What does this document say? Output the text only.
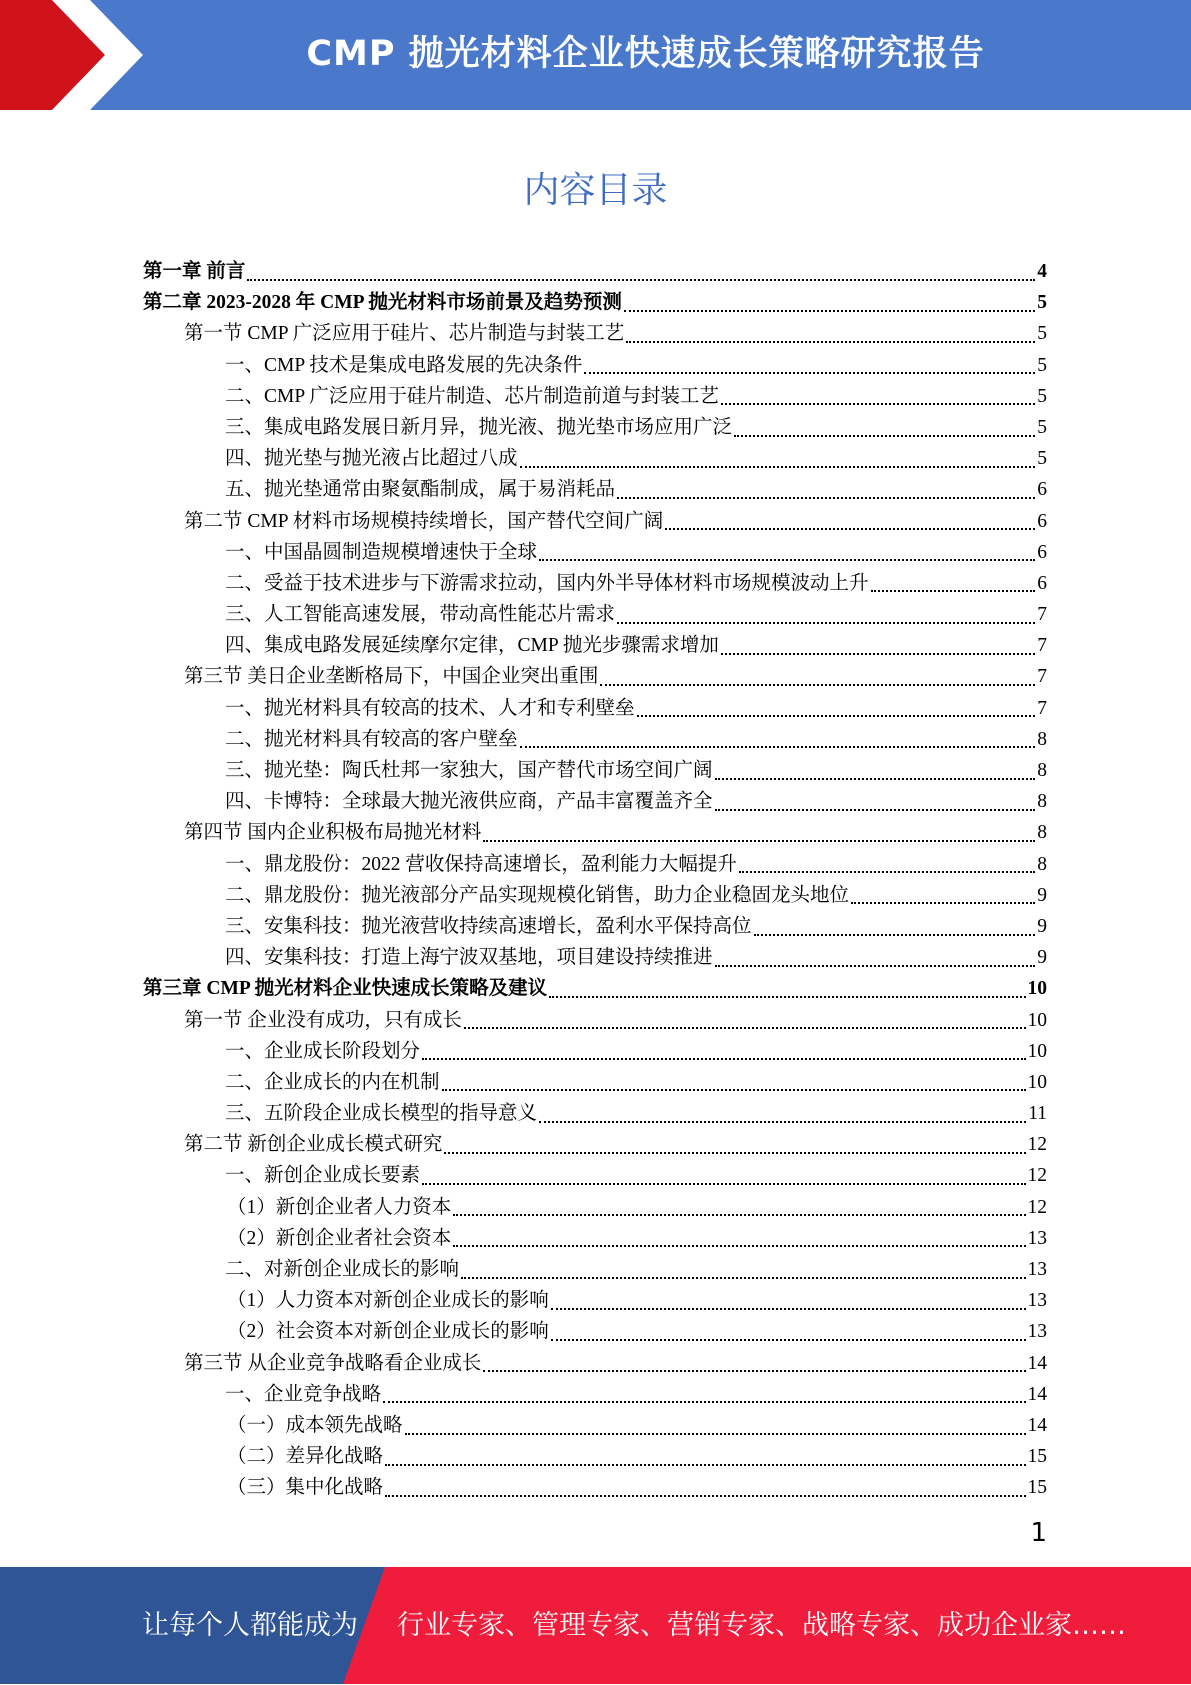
CMP 抛光材料企业快速成长策略研究报告
内容目录
第一章 前言	4
第二章 2023-2028 年 CMP 抛光材料市场前景及趋势预测	5
第一节 CMP 广泛应用于硅片、芯片制造与封装工艺	5
一、CMP 技术是集成电路发展的先决条件	5
二、CMP 广泛应用于硅片制造、芯片制造前道与封装工艺	5
三、集成电路发展日新月异，抛光液、抛光垫市场应用广泛	5
四、抛光垫与抛光液占比超过八成	5
五、抛光垫通常由聚氨酯制成，属于易消耗品	6
第二节 CMP 材料市场规模持续增长，国产替代空间广阔	6
一、中国晶圆制造规模增速快于全球	6
二、受益于技术进步与下游需求拉动，国内外半导体材料市场规模波动上升	6
三、人工智能高速发展，带动高性能芯片需求	7
四、集成电路发展延续摩尔定律，CMP 抛光步骤需求增加	7
第三节 美日企业垄断格局下，中国企业突出重围	7
一、抛光材料具有较高的技术、人才和专利壁垒	7
二、抛光材料具有较高的客户壁垒	8
三、抛光垫：陶氏杜邦一家独大，国产替代市场空间广阔	8
四、卡博特：全球最大抛光液供应商，产品丰富覆盖齐全	8
第四节 国内企业积极布局抛光材料	8
一、鼎龙股份：2022 营收保持高速增长，盈利能力大幅提升	8
二、鼎龙股份：抛光液部分产品实现规模化销售，助力企业稳固龙头地位	9
三、安集科技：抛光液营收持续高速增长，盈利水平保持高位	9
四、安集科技：打造上海宁波双基地，项目建设持续推进	9
第三章 CMP 抛光材料企业快速成长策略及建议	10
第一节 企业没有成功，只有成长	10
一、企业成长阶段划分	10
二、企业成长的内在机制	10
三、五阶段企业成长模型的指导意义	11
第二节 新创企业成长模式研究	12
一、新创企业成长要素	12
（1）新创企业者人力资本	12
（2）新创企业者社会资本	13
二、对新创企业成长的影响	13
（1）人力资本对新创企业成长的影响	13
（2）社会资本对新创企业成长的影响	13
第三节 从企业竞争战略看企业成长	14
一、企业竞争战略	14
（一）成本领先战略	14
（二）差异化战略	15
（三）集中化战略	15
1
让每个人都能成为 行业专家、管理专家、营销专家、战略专家、成功企业家……
